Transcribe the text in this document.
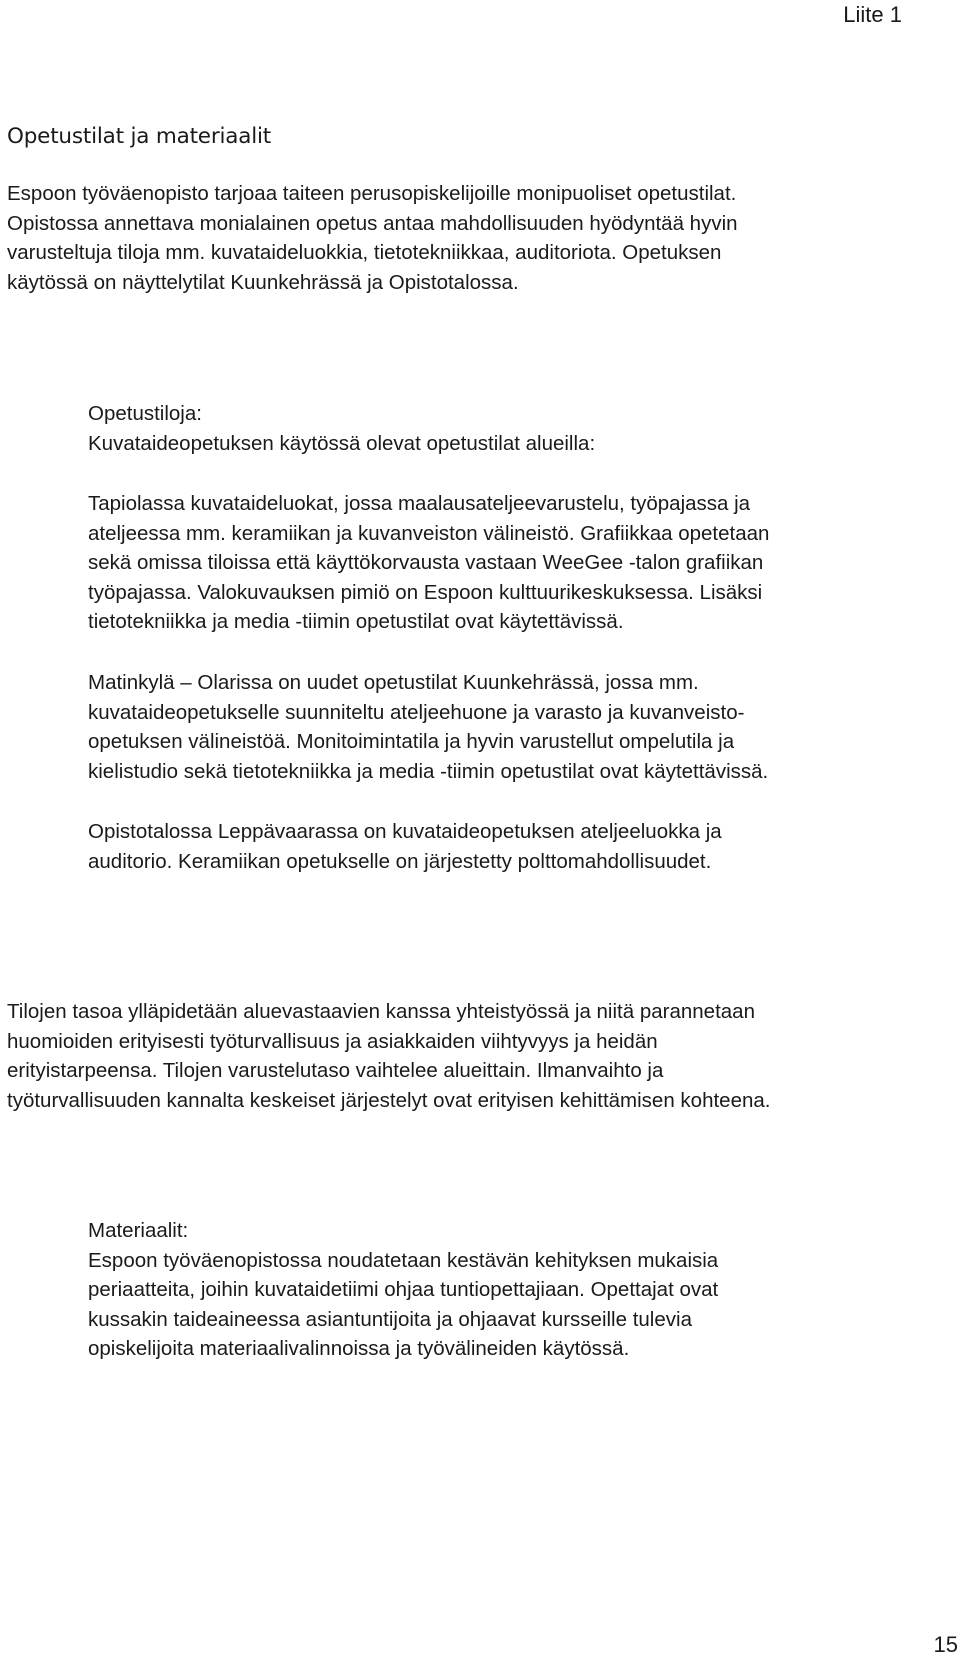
Liite 1
Opetustilat ja materiaalit
Espoon työväenopisto tarjoaa taiteen perusopiskelijoille monipuoliset opetustilat.
Opistossa annettava monialainen opetus antaa mahdollisuuden hyödyntää hyvin
varusteltuja tiloja mm. kuvataideluokkia, tietotekniikkaa, auditoriota. Opetuksen
käytössä on näyttelytilat Kuunkehrässä ja Opistotalossa.
Opetustiloja:
Kuvataideopetuksen käytössä olevat opetustilat alueilla:
Tapiolassa kuvataideluokat, jossa maalausateljeevarustelu, työpajassa ja
ateljeessa mm. keramiikan ja kuvanveiston välineistö. Grafiikkaa opetetaan
sekä omissa tiloissa että käyttökorvausta vastaan WeeGee -talon grafiikan
työpajassa. Valokuvauksen pimiö on Espoon kulttuurikeskuksessa. Lisäksi
tietotekniikka ja media -tiimin opetustilat ovat käytettävissä.
Matinkylä – Olarissa on uudet opetustilat Kuunkehrässä, jossa mm.
kuvataideopetukselle suunniteltu ateljeehuone ja varasto ja kuvanveisto-
opetuksen välineistöä. Monitoimintatila ja hyvin varustellut ompelutila ja
kielistudio sekä tietotekniikka ja media -tiimin opetustilat ovat käytettävissä.
Opistotalossa Leppävaarassa on kuvataideopetuksen ateljeeluokka ja
auditorio. Keramiikan opetukselle on järjestetty polttomahdollisuudet.
Tilojen tasoa ylläpidetään aluevastaavien kanssa yhteistyössä ja niitä parannetaan
huomioiden erityisesti työturvallisuus ja asiakkaiden viihtyvyys ja heidän
erityistarpeensa. Tilojen varustelutaso vaihtelee alueittain. Ilmanvaihto ja
työturvallisuuden kannalta keskeiset järjestelyt ovat erityisen kehittämisen kohteena.
Materiaalit:
Espoon työväenopistossa noudatetaan kestävän kehityksen mukaisia
periaatteita, joihin kuvataidetiimi ohjaa tuntiopettajiaan. Opettajat ovat
kussakin taideaineessa asiantuntijoita ja ohjaavat kursseille tulevia
opiskelijoita materiaalivalinnoissa ja työvälineiden käytössä.
15
